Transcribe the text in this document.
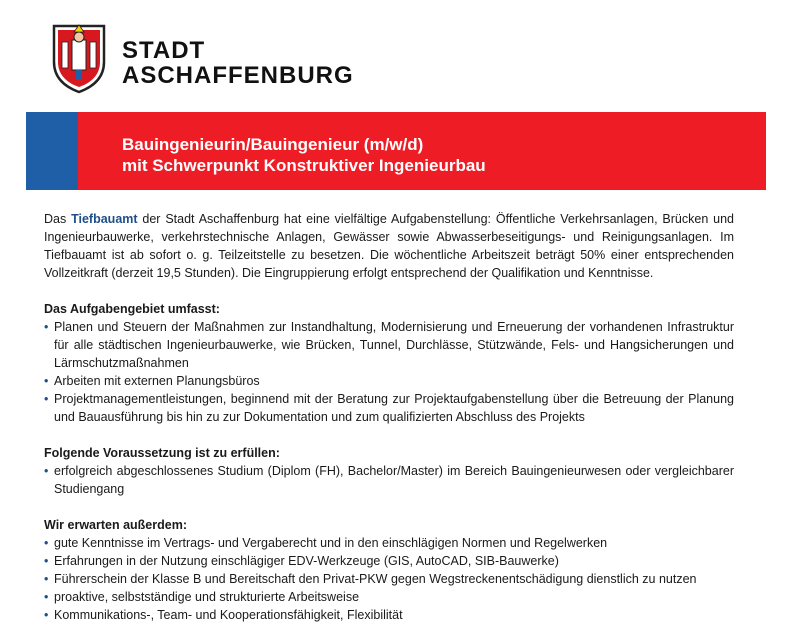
STADT
ASCHAFFENBURG
Bauingenieurin/Bauingenieur (m/w/d)
mit Schwerpunkt Konstruktiver Ingenieurbau

Das Tiefbauamt der Stadt Aschaffenburg hat eine vielfältige Aufgabenstellung: Öffentliche Verkehrsanlagen, Brücken und Ingenieurbauwerke, verkehrstechnische Anlagen, Gewässer sowie Abwasserbeseitigungs- und Reinigungsanlagen. Im Tiefbauamt ist ab sofort o. g. Teilzeitstelle zu besetzen. Die wöchentliche Arbeitszeit beträgt 50% einer entsprechenden Vollzeitkraft (derzeit 19,5 Stunden). Die Eingruppierung erfolgt entsprechend der Qualifikation und Kenntnisse.

Das Aufgabengebiet umfasst:
• Planen und Steuern der Maßnahmen zur Instandhaltung, Modernisierung und Erneuerung der vorhandenen Infrastruktur für alle städtischen Ingenieurbauwerke, wie Brücken, Tunnel, Durchlässe, Stützwände, Fels- und Hangsicherungen und Lärmschutzmaßnahmen
• Arbeiten mit externen Planungsbüros
• Projektmanagementleistungen, beginnend mit der Beratung zur Projektaufgabenstellung über die Betreuung der Planung und Bauausführung bis hin zu zur Dokumentation und zum qualifizierten Abschluss des Projekts
Folgende Voraussetzung ist zu erfüllen:
• erfolgreich abgeschlossenes Studium (Diplom (FH), Bachelor/Master) im Bereich Bauingenieurwesen oder vergleichbarer Studiengang
Wir erwarten außerdem:
• gute Kenntnisse im Vertrags- und Vergaberecht und in den einschlägigen Normen und Regelwerken
• Erfahrungen in der Nutzung einschlägiger EDV-Werkzeuge (GIS, AutoCAD, SIB-Bauwerke)
• Führerschein der Klasse B und Bereitschaft den Privat-PKW gegen Wegstreckenentschädigung dienstlich zu nutzen
• proaktive, selbstständige und strukturierte Arbeitsweise
• Kommunikations-, Team- und Kooperationsfähigkeit, Flexibilität
